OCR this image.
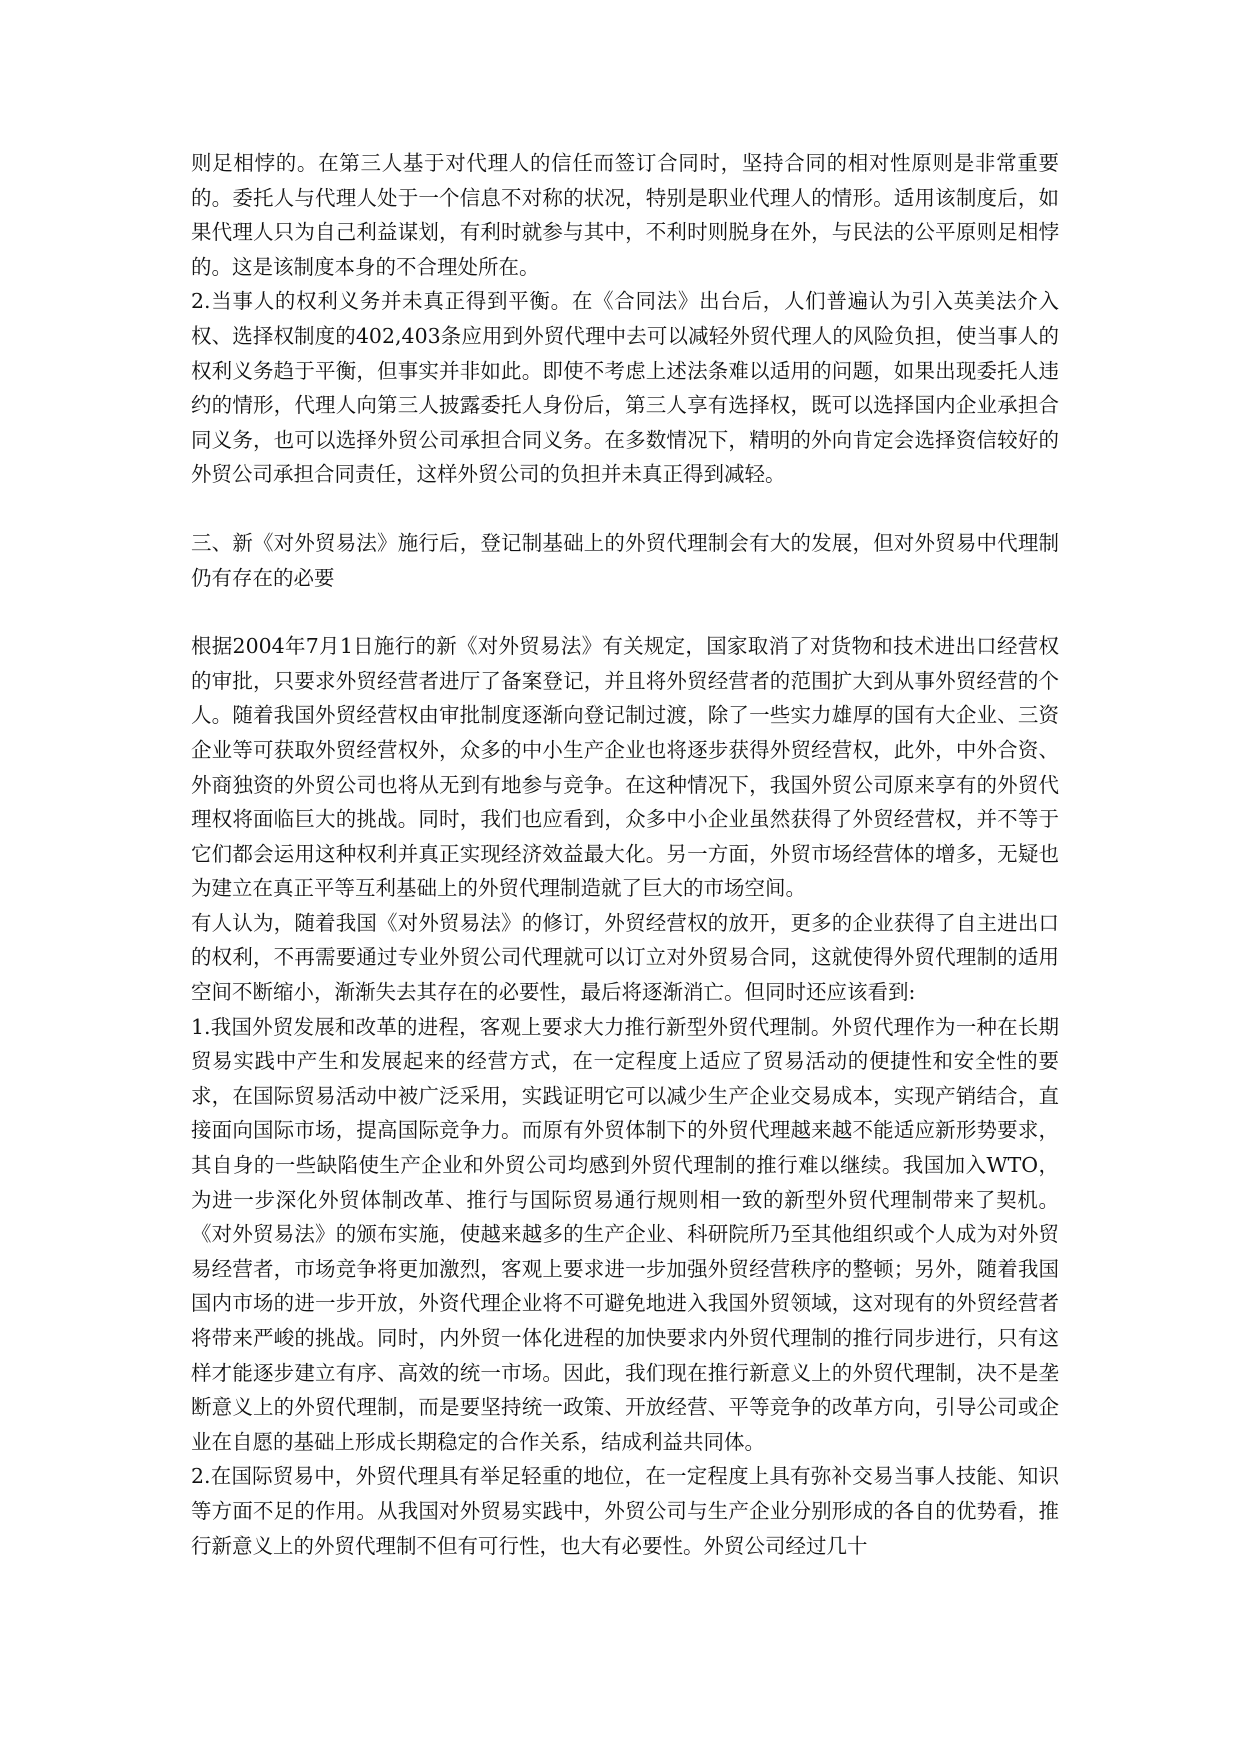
则足相悖的。在第三人基于对代理人的信任而签订合同时，坚持合同的相对性原则是非常重要的。委托人与代理人处于一个信息不对称的状况，特别是职业代理人的情形。适用该制度后，如果代理人只为自己利益谋划，有利时就参与其中，不利时则脱身在外，与民法的公平原则足相悖的。这是该制度本身的不合理处所在。

2.当事人的权利义务并未真正得到平衡。在《合同法》出台后，人们普遍认为引入英美法介入权、选择权制度的402,403条应用到外贸代理中去可以减轻外贸代理人的风险负担，使当事人的权利义务趋于平衡，但事实并非如此。即使不考虑上述法条难以适用的问题，如果出现委托人违约的情形，代理人向第三人披露委托人身份后，第三人享有选择权，既可以选择国内企业承担合同义务，也可以选择外贸公司承担合同义务。在多数情况下，精明的外向肯定会选择资信较好的外贸公司承担合同责任，这样外贸公司的负担并未真正得到减轻。

三、新《对外贸易法》施行后，登记制基础上的外贸代理制会有大的发展，但对外贸易中代理制仍有存在的必要

根据2004年7月1日施行的新《对外贸易法》有关规定，国家取消了对货物和技术进出口经营权的审批，只要求外贸经营者进厅了备案登记，并且将外贸经营者的范围扩大到从事外贸经营的个人。随着我国外贸经营权由审批制度逐渐向登记制过渡，除了一些实力雄厚的国有大企业、三资企业等可获取外贸经营权外，众多的中小生产企业也将逐步获得外贸经营权，此外，中外合资、外商独资的外贸公司也将从无到有地参与竞争。在这种情况下，我国外贸公司原来享有的外贸代理权将面临巨大的挑战。同时，我们也应看到，众多中小企业虽然获得了外贸经营权，并不等于它们都会运用这种权利并真正实现经济效益最大化。另一方面，外贸市场经营体的增多，无疑也为建立在真正平等互利基础上的外贸代理制造就了巨大的市场空间。

有人认为，随着我国《对外贸易法》的修订，外贸经营权的放开，更多的企业获得了自主进出口的权利，不再需要通过专业外贸公司代理就可以订立对外贸易合同，这就使得外贸代理制的适用空间不断缩小，渐渐失去其存在的必要性，最后将逐渐消亡。但同时还应该看到:

1.我国外贸发展和改革的进程，客观上要求大力推行新型外贸代理制。外贸代理作为一种在长期贸易实践中产生和发展起来的经营方式，在一定程度上适应了贸易活动的便捷性和安全性的要求，在国际贸易活动中被广泛采用，实践证明它可以减少生产企业交易成本，实现产销结合，直接面向国际市场，提高国际竞争力。而原有外贸体制下的外贸代理越来越不能适应新形势要求，其自身的一些缺陷使生产企业和外贸公司均感到外贸代理制的推行难以继续。我国加入WTO，为进一步深化外贸体制改革、推行与国际贸易通行规则相一致的新型外贸代理制带来了契机。《对外贸易法》的颁布实施，使越来越多的生产企业、科研院所乃至其他组织或个人成为对外贸易经营者，市场竞争将更加激烈，客观上要求进一步加强外贸经营秩序的整顿；另外，随着我国国内市场的进一步开放，外资代理企业将不可避免地进入我国外贸领域，这对现有的外贸经营者将带来严峻的挑战。同时，内外贸一体化进程的加快要求内外贸代理制的推行同步进行，只有这样才能逐步建立有序、高效的统一市场。因此，我们现在推行新意义上的外贸代理制，决不是垄断意义上的外贸代理制，而是要坚持统一政策、开放经营、平等竞争的改革方向，引导公司或企业在自愿的基础上形成长期稳定的合作关系，结成利益共同体。

2.在国际贸易中，外贸代理具有举足轻重的地位，在一定程度上具有弥补交易当事人技能、知识等方面不足的作用。从我国对外贸易实践中，外贸公司与生产企业分别形成的各自的优势看，推行新意义上的外贸代理制不但有可行性，也大有必要性。外贸公司经过几十
